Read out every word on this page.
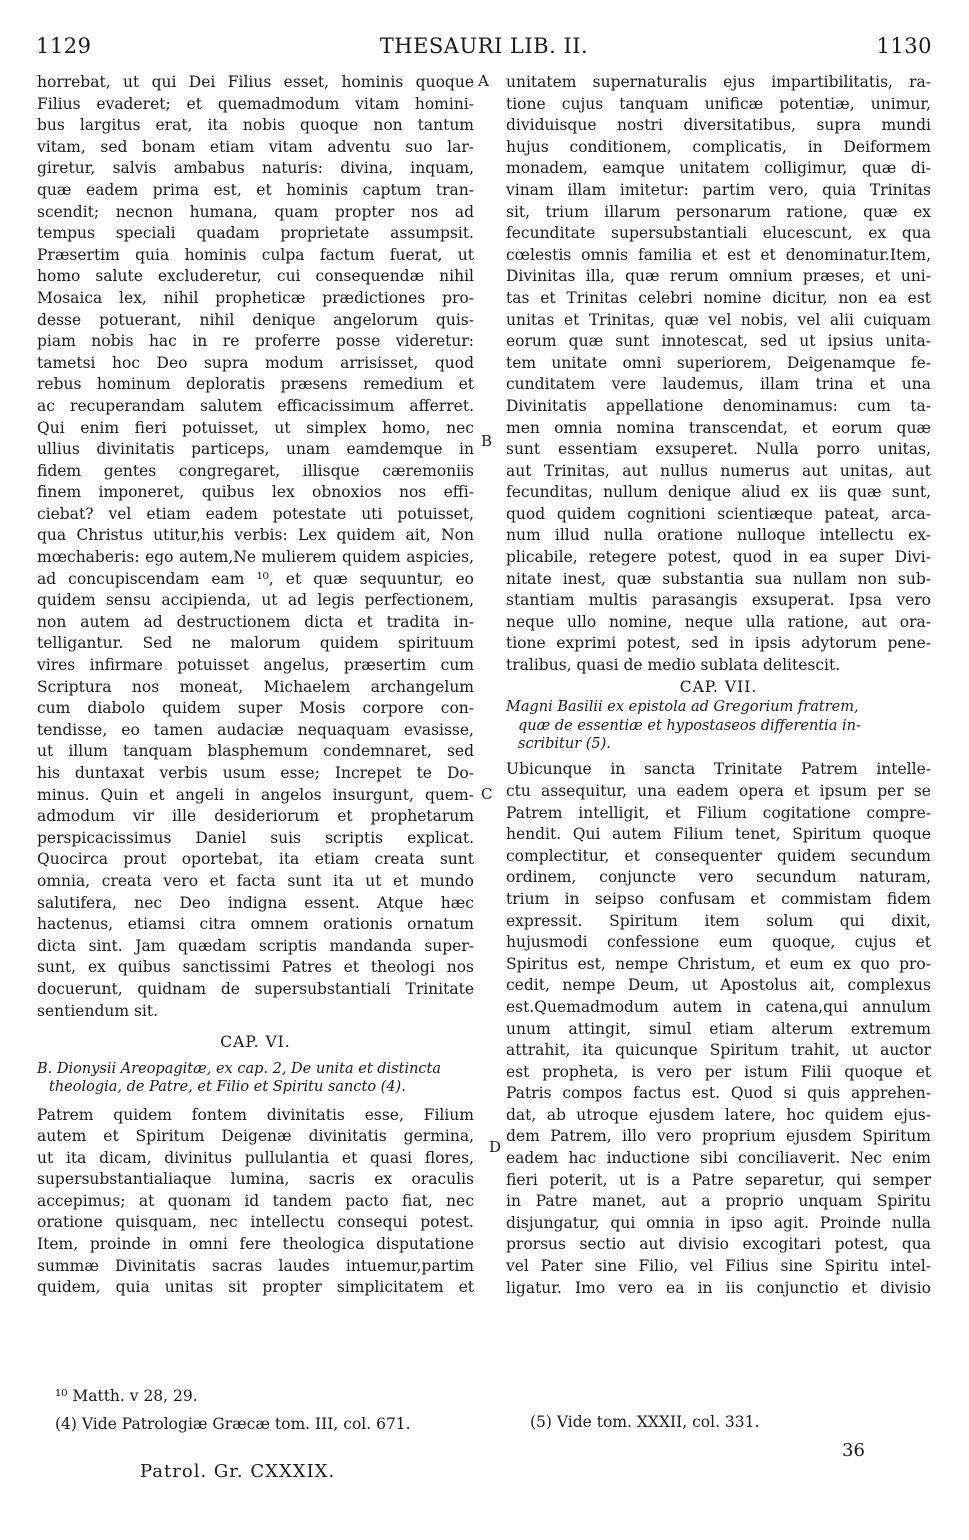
1129	THESAURI LIB. II.	1130
horrebat, ut qui Dei Filius esset, hominis quoque
Filius evaderet; et quemadmodum vitam homini-
bus largitus erat, ita nobis quoque non tantum
vitam, sed bonam etiam vitam adventu suo lar-
giretur, salvis ambabus naturis: divina, inquam,
quæ eadem prima est, et hominis captum tran-
scendit; necnon humana, quam propter nos ad
tempus speciali quadam proprietate assumpsit.
Præsertim quia hominis culpa factum fuerat, ut
homo salute excluderetur, cui consequendæ nihil
Mosaica lex, nihil propheticæ prædictiones pro-
desse potuerant, nihil denique angelorum quis-
piam nobis hac in re proferre posse videretur:
tametsi hoc Deo supra modum arrisisset, quod
rebus hominum deploratis præsens remedium et
ac recuperandam salutem efficacissimum afferret.
Qui enim fieri potuisset, ut simplex homo, nec
ullius divinitatis particeps, unam eamdemque in
fidem gentes congregaret, illisque cæremoniis
finem imponeret, quibus lex obnoxios nos effi-
ciebat? vel etiam eadem potestate uti potuisset,
qua Christus utitur,his verbis: Lex quidem ait, Non
mœchaberis: ego autem,Ne mulierem quidem aspicies,
ad concupiscendam eam ¹⁰, et quæ sequuntur, eo
quidem sensu accipienda, ut ad legis perfectionem,
non autem ad destructionem dicta et tradita in-
telligantur. Sed ne malorum quidem spirituum
vires infirmare potuisset angelus, præsertim cum
Scriptura nos moneat, Michaelem archangelum
cum diabolo quidem super Mosis corpore con-
tendisse, eo tamen audaciæ nequaquam evasisse,
ut illum tanquam blasphemum condemnaret, sed
his duntaxat verbis usum esse; Increpet te Do-
minus. Quin et angeli in angelos insurgunt, quem-
admodum vir ille desideriorum et prophetarum
perspicacissimus Daniel suis scriptis explicat.
Quocirca prout oportebat, ita etiam creata sunt
omnia, creata vero et facta sunt ita ut et mundo
salutifera, nec Deo indigna essent. Atque hæc
hactenus, etiamsi citra omnem orationis ornatum
dicta sint. Jam quædam scriptis mandanda super-
sunt, ex quibus sanctissimi Patres et theologi nos
docuerunt, quidnam de supersubstantiali Trinitate
sentiendum sit.
CAP. VI.
B. Dionysii Areopagitæ, ex cap. 2, De unita et distincta
theologia, de Patre, et Filio et Spiritu sancto (4).
Patrem quidem fontem divinitatis esse, Filium
autem et Spiritum Deigenæ divinitatis germina,
ut ita dicam, divinitus pullulantia et quasi flores,
supersubstantialiaque lumina, sacris ex oraculis
accepimus; at quonam id tandem pacto fiat, nec
oratione quisquam, nec intellectu consequi potest.
Item, proinde in omni fere theologica disputatione
summæ Divinitatis sacras laudes intuemur,partim
quidem, quia unitas sit propter simplicitatem et
unitatem supernaturalis ejus impartibilitatis, ra-
tione cujus tanquam unificæ potentiæ, unimur,
dividuisque nostri diversitatibus, supra mundi
hujus conditionem, complicatis, in Deiformem
monadem, eamque unitatem colligimur, quæ di-
vinam illam imitetur: partim vero, quia Trinitas
sit, trium illarum personarum ratione, quæ ex
fecunditate supersubstantiali elucescunt, ex qua
cœlestis omnis familia et est et denominatur.Item,
Divinitas illa, quæ rerum omnium præses, et uni-
tas et Trinitas celebri nomine dicitur, non ea est
unitas et Trinitas, quæ vel nobis, vel alii cuiquam
eorum quæ sunt innotescat, sed ut ipsius unita-
tem unitate omni superiorem, Deigenamque fe-
cunditatem vere laudemus, illam trina et una
Divinitatis appellatione denominamus: cum ta-
men omnia nomina transcendat, et eorum quæ
sunt essentiam exsuperet. Nulla porro unitas,
aut Trinitas, aut nullus numerus aut unitas, aut
fecunditas, nullum denique aliud ex iis quæ sunt,
quod quidem cognitioni scientiæque pateat, arca-
num illud nulla oratione nulloque intellectu ex-
plicabile, retegere potest, quod in ea super Divi-
nitate inest, quæ substantia sua nullam non sub-
stantiam multis parasangis exsuperat. Ipsa vero
neque ullo nomine, neque ulla ratione, aut ora-
tione exprimi potest, sed in ipsis adytorum pene-
tralibus, quasi de medio sublata delitescit.
CAP. VII.
Magni Basilii ex epistola ad Gregorium fratrem,
quæ de essentiæ et hypostaseos differentia in-
scribitur (5).
Ubicunque in sancta Trinitate Patrem intelle-
ctu assequitur, una eadem opera et ipsum per se
Patrem intelligit, et Filium cogitatione compre-
hendit. Qui autem Filium tenet, Spiritum quoque
complectitur, et consequenter quidem secundum
ordinem, conjuncte vero secundum naturam,
trium in seipso confusam et commistam fidem
expressit. Spiritum item solum qui dixit,
hujusmodi confessione eum quoque, cujus et
Spiritus est, nempe Christum, et eum ex quo pro-
cedit, nempe Deum, ut Apostolus ait, complexus
est.Quemadmodum autem in catena,qui annulum
unum attingit, simul etiam alterum extremum
attrahit, ita quicunque Spiritum trahit, ut auctor
est propheta, is vero per istum Filii quoque et
Patris compos factus est. Quod si quis apprehen-
dat, ab utroque ejusdem latere, hoc quidem ejus-
dem Patrem, illo vero proprium ejusdem Spiritum
eadem hac inductione sibi conciliaverit. Nec enim
fieri poterit, ut is a Patre separetur, qui semper
in Patre manet, aut a proprio unquam Spiritu
disjungatur, qui omnia in ipso agit. Proinde nulla
prorsus sectio aut divisio excogitari potest, qua
vel Pater sine Filio, vel Filius sine Spiritu intel-
ligatur. Imo vero ea in iis conjunctio et divisio
A
B
C
D
¹⁰ Matth. v 28, 29.
(4) Vide Patrologiæ Græcæ tom. III, col. 671.	(5) Vide tom. XXXII, col. 331.
Patrol. Gr. CXXXIX.
36
